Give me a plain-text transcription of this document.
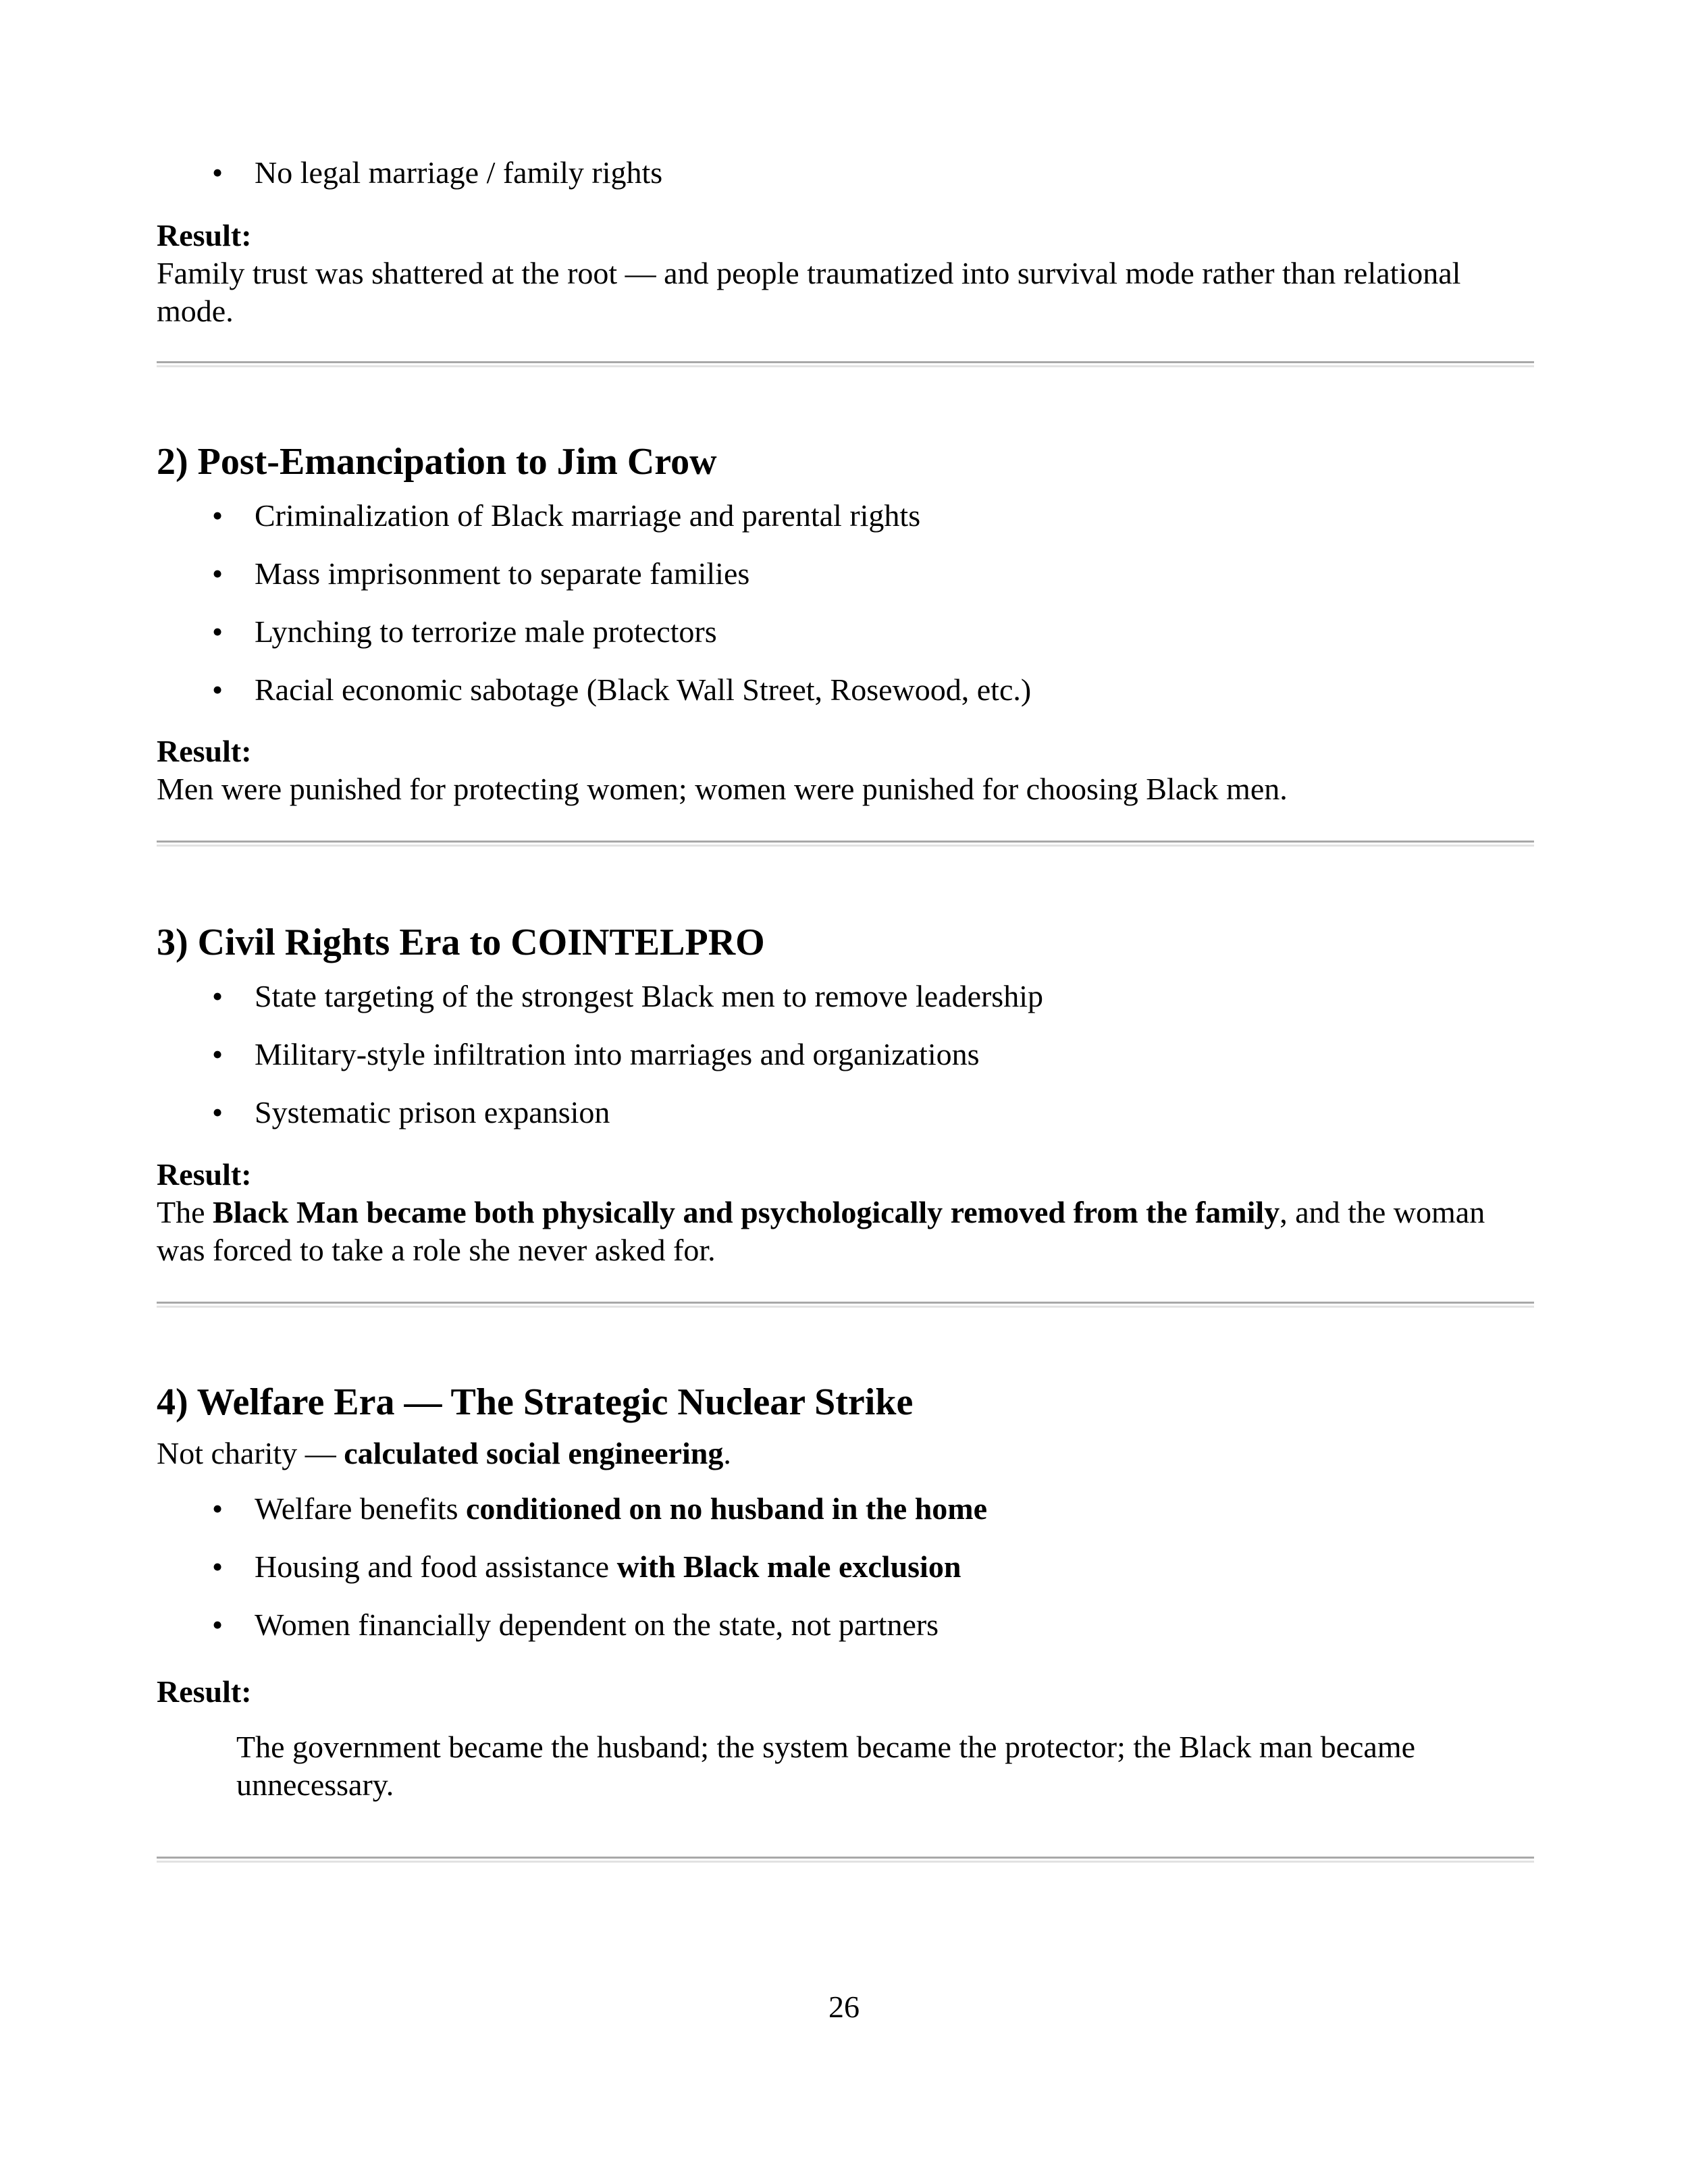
• No legal marriage / family rights

Result:

Family trust was shattered at the root — and people traumatized into survival mode rather than relational mode.

2) Post-Emancipation to Jim Crow
• Criminalization of Black marriage and parental rights
• Mass imprisonment to separate families
• Lynching to terrorize male protectors
• Racial economic sabotage (Black Wall Street, Rosewood, etc.)

Result:

Men were punished for protecting women; women were punished for choosing Black men.

3) Civil Rights Era to COINTELPRO
• State targeting of the strongest Black men to remove leadership
• Military-style infiltration into marriages and organizations
• Systematic prison expansion

Result:

The Black Man became both physically and psychologically removed from the family, and the woman was forced to take a role she never asked for.

4) Welfare Era — The Strategic Nuclear Strike

Not charity — calculated social engineering.

• Welfare benefits conditioned on no husband in the home
• Housing and food assistance with Black male exclusion
• Women financially dependent on the state, not partners

Result:

The government became the husband; the system became the protector; the Black man became unnecessary.

26
